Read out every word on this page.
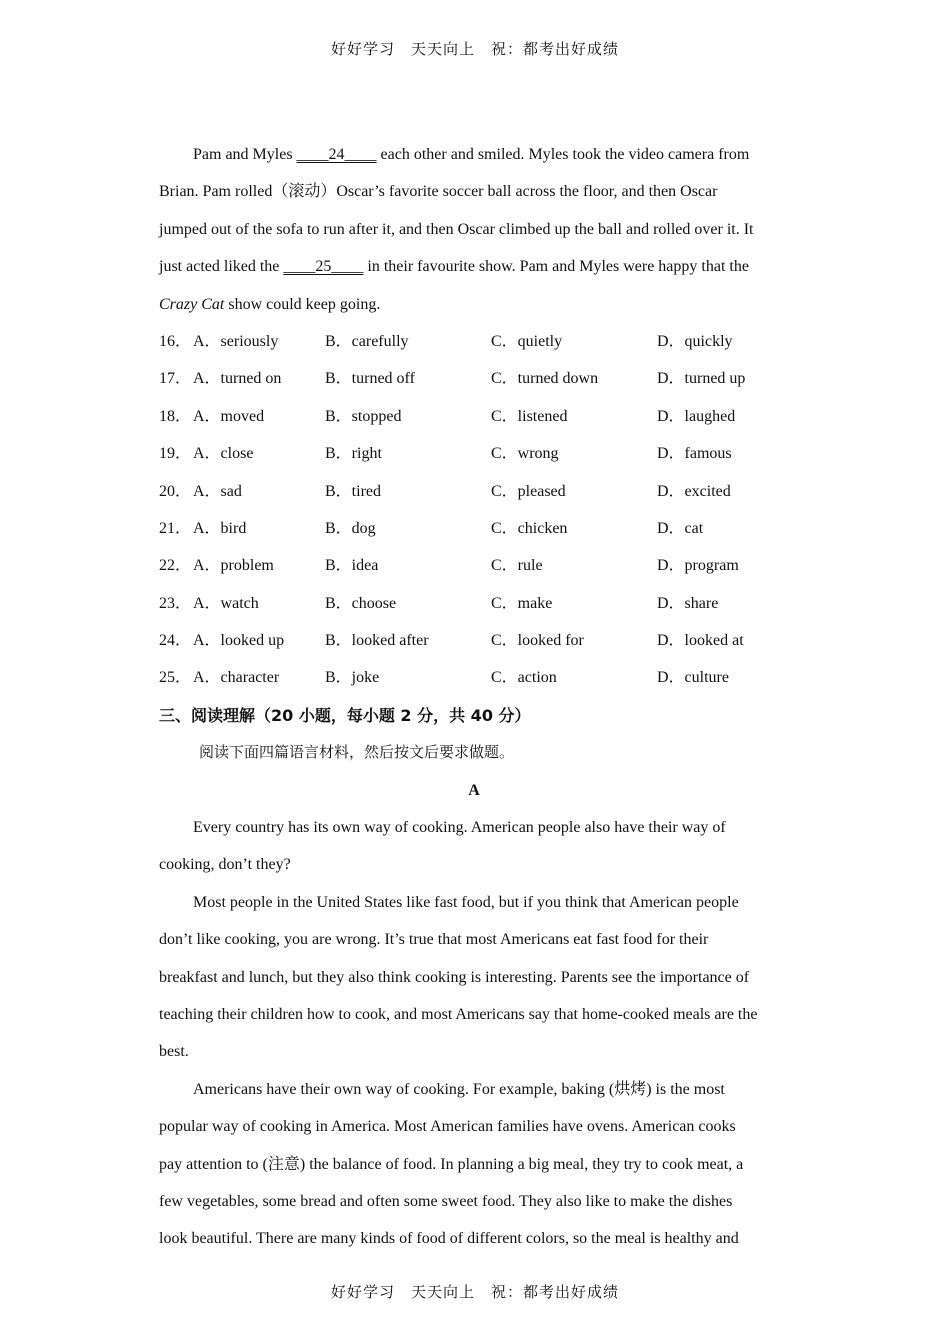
好好学习　天天向上　祝：都考出好成绩
Pam and Myles ____24____ each other and smiled. Myles took the video camera from
Brian. Pam rolled（滚动）Oscar’s favorite soccer ball across the floor, and then Oscar
jumped out of the sofa to run after it, and then Oscar climbed up the ball and rolled over it. It
just acted liked the ____25____ in their favourite show. Pam and Myles were happy that the
Crazy Cat show could keep going.
16． A．seriously	B．carefully	C．quietly	D．quickly
17． A．turned on	B．turned off	C．turned down	D．turned up
18． A．moved	B．stopped	C．listened	D．laughed
19． A．close	B．right	C．wrong	D．famous
20． A．sad	B．tired	C．pleased	D．excited
21． A．bird	B．dog	C．chicken	D．cat
22． A．problem	B．idea	C．rule	D．program
23． A．watch	B．choose	C．make	D．share
24． A．looked up	B．looked after	C．looked for	D．looked at
25． A．character	B．joke	C．action	D．culture
三、阅读理解（20 小题，每小题 2 分，共 40 分）
阅读下面四篇语言材料，然后按文后要求做题。
A
Every country has its own way of cooking. American people also have their way of
cooking, don’t they?
Most people in the United States like fast food, but if you think that American people
don’t like cooking, you are wrong. It’s true that most Americans eat fast food for their
breakfast and lunch, but they also think cooking is interesting. Parents see the importance of
teaching their children how to cook, and most Americans say that home-cooked meals are the
best.
Americans have their own way of cooking. For example, baking (烘烤) is the most
popular way of cooking in America. Most American families have ovens. American cooks
pay attention to (注意) the balance of food. In planning a big meal, they try to cook meat, a
few vegetables, some bread and often some sweet food. They also like to make the dishes
look beautiful. There are many kinds of food of different colors, so the meal is healthy and
好好学习　天天向上　祝：都考出好成绩
